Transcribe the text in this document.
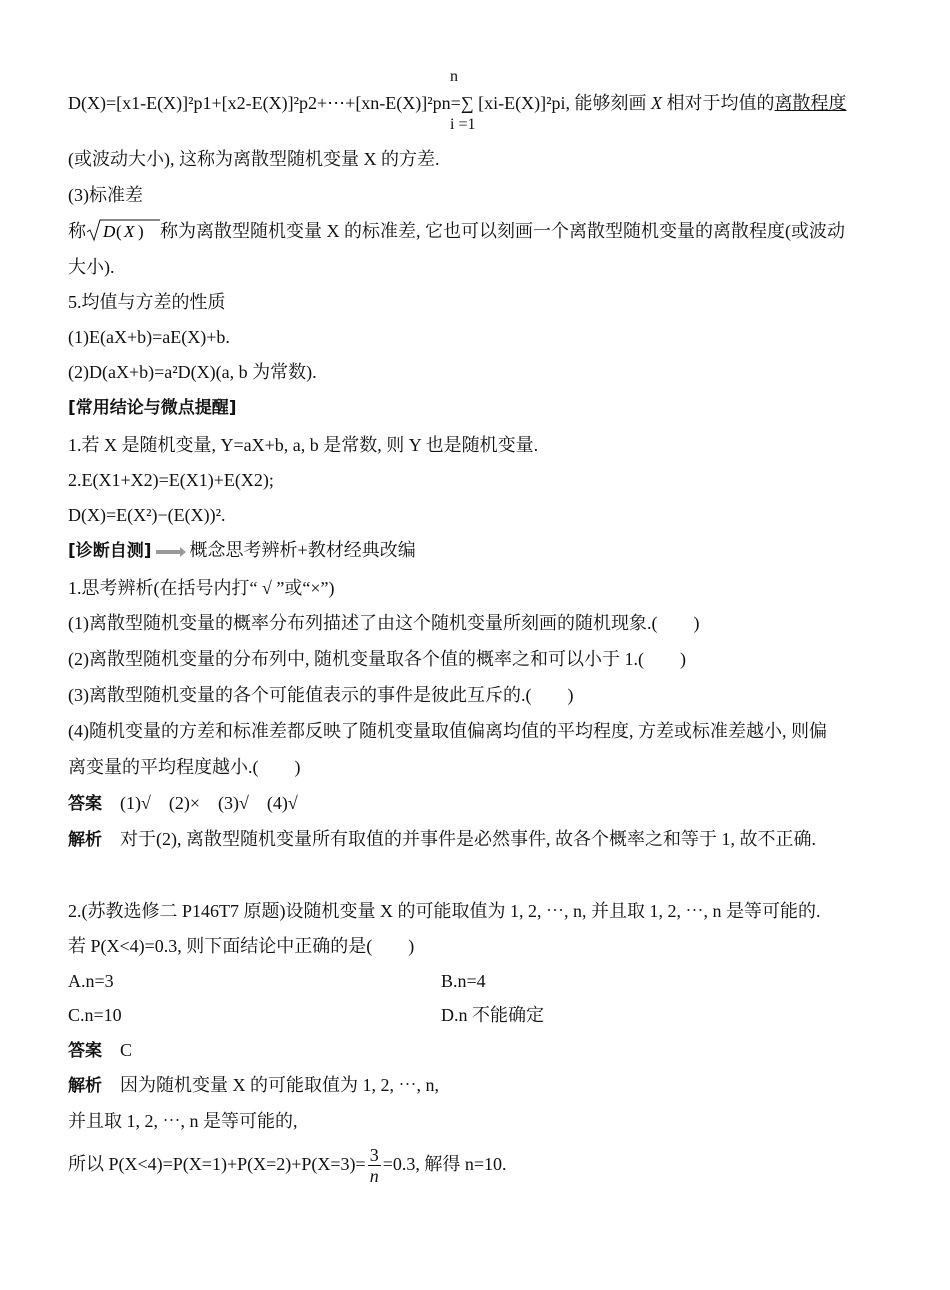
n
D(X)=[x1-E(X)]²p1+[x2-E(X)]²p2+⋯+[xn-E(X)]²pn=∑ [xi-E(X)]²pi, 能够刻画 X 相对于均值的离散程度
i =1
(或波动大小), 这称为离散型随机变量 X 的方差.
(3)标准差
称 D ( X ) 称为离散型随机变量 X 的标准差, 它也可以刻画一个离散型随机变量的离散程度(或波动
大小).
5.均值与方差的性质
(1)E(aX+b)=aE(X)+b.
(2)D(aX+b)=a²D(X)(a, b 为常数).
[常用结论与微点提醒]
1.若 X 是随机变量, Y=aX+b, a, b 是常数, 则 Y 也是随机变量.
2.E(X1+X2)=E(X1)+E(X2);
D(X)=E(X²)−(E(X))².
[诊断自测] 概念思考辨析+教材经典改编
1.思考辨析(在括号内打“ √ ”或“×”)
(1)离散型随机变量的概率分布列描述了由这个随机变量所刻画的随机现象.(　　)
(2)离散型随机变量的分布列中, 随机变量取各个值的概率之和可以小于 1.(　　)
(3)离散型随机变量的各个可能值表示的事件是彼此互斥的.(　　)
(4)随机变量的方差和标准差都反映了随机变量取值偏离均值的平均程度, 方差或标准差越小, 则偏
离变量的平均程度越小.(　　)
答案 (1)√　(2)×　(3)√　(4)√
解析 对于(2), 离散型随机变量所有取值的并事件是必然事件, 故各个概率之和等于 1, 故不正确.
2.(苏教选修二 P146T7 原题)设随机变量 X 的可能取值为 1, 2, ⋯, n, 并且取 1, 2, ⋯, n 是等可能的.
若 P(X<4)=0.3, 则下面结论中正确的是(　　)
A.n=3	B.n=4
C.n=10	D.n 不能确定
答案 C
解析 因为随机变量 X 的可能取值为 1, 2, ⋯, n,
并且取 1, 2, ⋯, n 是等可能的,
所以 $P(X<4)=P(X=1)+P(X=2)+P(X=3)= \frac{3}{n} =0.3$, 解得 n=10.
